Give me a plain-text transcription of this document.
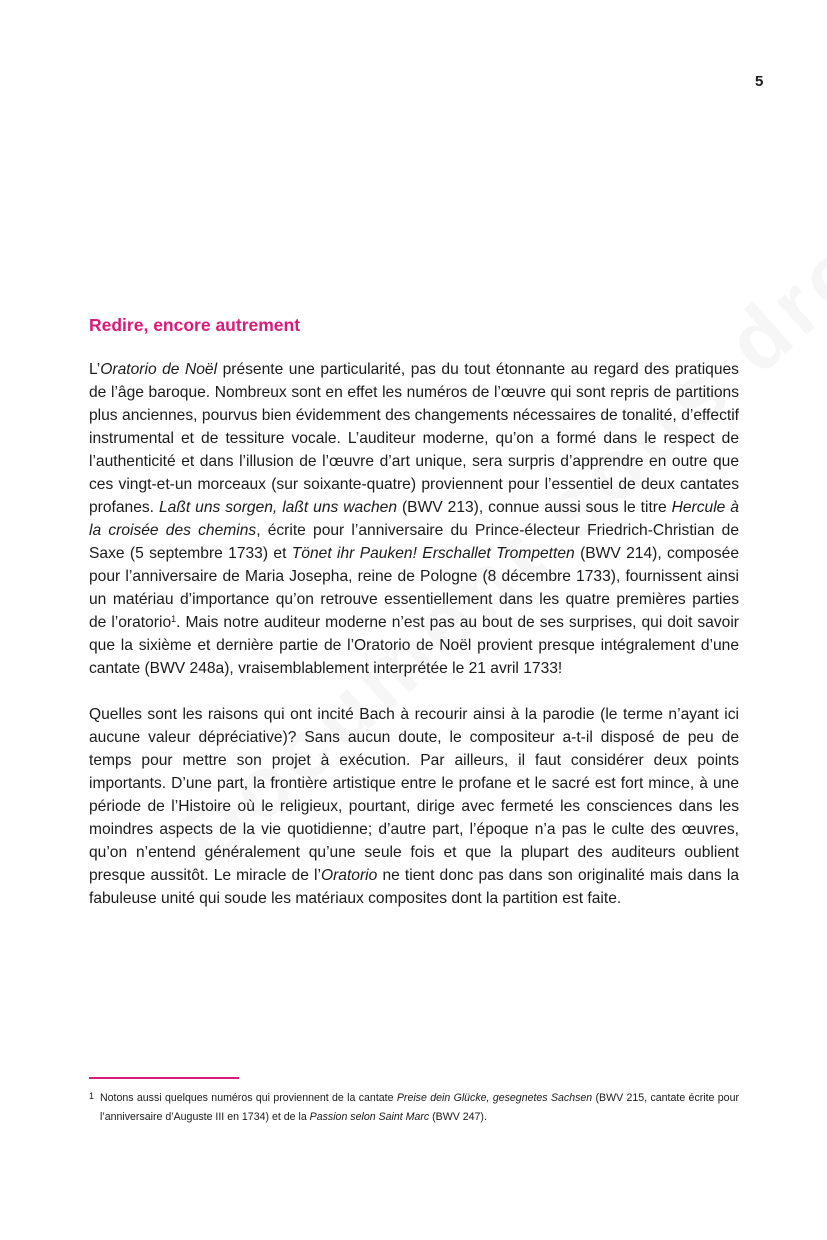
5
Redire, encore autrement

L’Oratorio de Noël présente une particularité, pas du tout étonnante au regard des pratiques de l’âge baroque. Nombreux sont en effet les numéros de l’œuvre qui sont repris de partitions plus anciennes, pourvus bien évidemment des changements nécessaires de tonalité, d’effectif instrumental et de tessiture vocale. L’auditeur moderne, qu’on a formé dans le respect de l’authenticité et dans l’illusion de l’œuvre d’art unique, sera surpris d’apprendre en outre que ces vingt-et-un morceaux (sur soixante-quatre) proviennent pour l’essentiel de deux cantates profanes. Laßt uns sorgen, laßt uns wachen (BWV 213), connue aussi sous le titre Hercule à la croisée des chemins, écrite pour l’anniversaire du Prince-électeur Friedrich-Christian de Saxe (5 septembre 1733) et Tönet ihr Pauken! Erschallet Trompetten (BWV 214), composée pour l’anniversaire de Maria Josepha, reine de Pologne (8 décembre 1733), fournissent ainsi un matériau d’importance qu’on retrouve essentiellement dans les quatre premières parties de l’oratorio$^1$. Mais notre auditeur moderne n’est pas au bout de ses surprises, qui doit savoir que la sixième et dernière partie de l’Oratorio de Noël provient presque intégralement d’une cantate (BWV 248a), vraisemblablement interprétée le 21 avril 1733!

Quelles sont les raisons qui ont incité Bach à recourir ainsi à la parodie (le terme n’ayant ici aucune valeur dépréciative)? Sans aucun doute, le compositeur a-t-il disposé de peu de temps pour mettre son projet à exécution. Par ailleurs, il faut considérer deux points importants. D’une part, la frontière artistique entre le profane et le sacré est fort mince, à une période de l’Histoire où le religieux, pourtant, dirige avec fermeté les consciences dans les moindres aspects de la vie quotidienne; d’autre part, l’époque n’a pas le culte des œuvres, qu’on n’entend généralement qu’une seule fois et que la plupart des auditeurs oublient presque aussitôt. Le miracle de l’Oratorio ne tient donc pas dans son originalité mais dans la fabuleuse unité qui soude les matériaux composites dont la partition est faite.

1 Notons aussi quelques numéros qui proviennent de la cantate Preise dein Glücke, gesegnetes Sachsen (BWV 215, cantate écrite pour l’anniversaire d’Auguste III en 1734) et de la Passion selon Saint Marc (BWV 247).
